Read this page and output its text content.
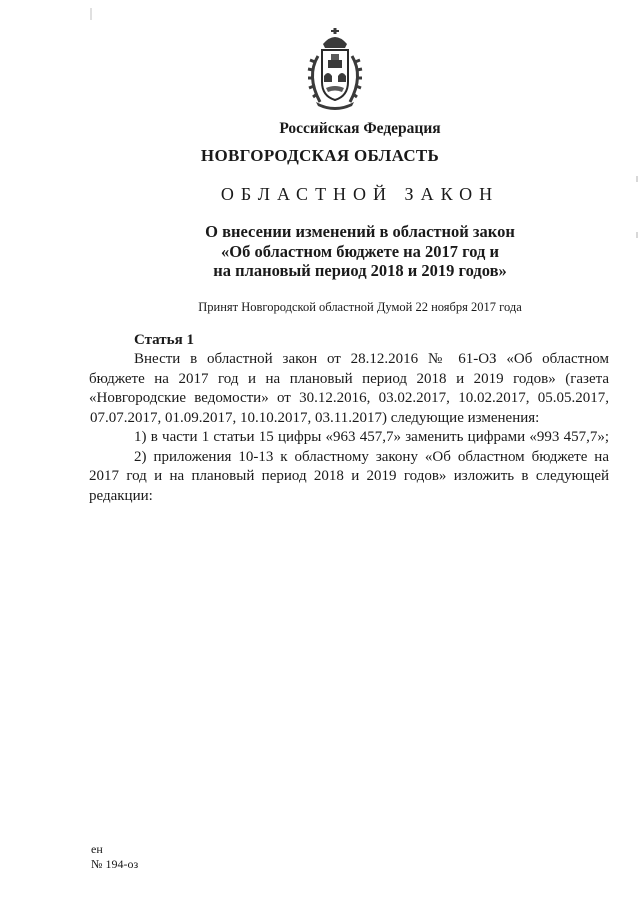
Российская Федерация
НОВГОРОДСКАЯ ОБЛАСТЬ
ОБЛАСТНОЙ ЗАКОН
О внесении изменений в областной закон
«Об областном бюджете на 2017 год и
на плановый период 2018 и 2019 годов»
Принят Новгородской областной Думой 22 ноября 2017 года
Статья 1
Внести в областной закон от 28.12.2016 № 61-ОЗ «Об областном
бюджете на 2017 год и на плановый период 2018 и 2019 годов» (газета
«Новгородские ведомости» от 30.12.2016, 03.02.2017, 10.02.2017, 05.05.2017,
07.07.2017, 01.09.2017, 10.10.2017, 03.11.2017) следующие изменения:
1) в части 1 статьи 15 цифры «963 457,7» заменить цифрами «993 457,7»;
2) приложения 10-13 к областному закону «Об областном бюджете на
2017 год и на плановый период 2018 и 2019 годов» изложить в следующей
редакции:
ен
№ 194-оз
